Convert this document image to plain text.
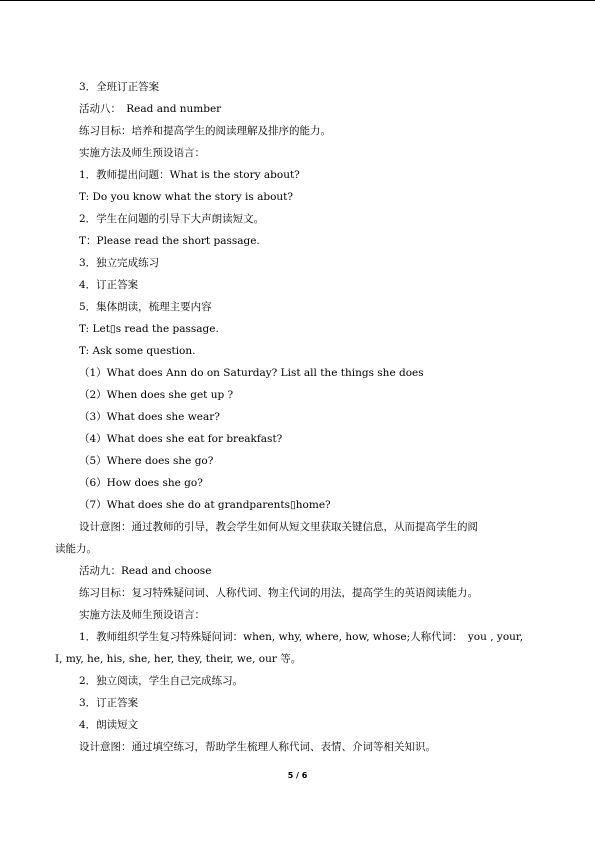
3．全班订正答案
活动八：　Read and number
练习目标：培养和提高学生的阅读理解及排序的能力。
实施方法及师生预设语言：
1．教师提出问题：What is the story about?
T: Do you know what the story is about?
2．学生在问题的引导下大声朗读短文。
T：Please read the short passage.
3．独立完成练习
4．订正答案
5．集体朗读，梳理主要内容
T: Let▯s read the passage.
T: Ask some question.
（1）What does Ann do on Saturday? List all the things she does
（2）When does she get up ?
（3）What does she wear?
（4）What does she eat for breakfast?
（5）Where does she go?
（6）How does she go?
（7）What does she do at grandparents▯home?
设计意图：通过教师的引导，教会学生如何从短文里获取关键信息，从而提高学生的阅
读能力。
活动九：Read and choose
练习目标：复习特殊疑问词、人称代词、物主代词的用法，提高学生的英语阅读能力。
实施方法及师生预设语言：
1．教师组织学生复习特殊疑问词：when, why, where, how, whose;人称代词：　you , your,
I, my, he, his, she, her, they, their, we, our 等。
2．独立阅读，学生自己完成练习。
3．订正答案
4．朗读短文
设计意图：通过填空练习，帮助学生梳理人称代词、表情、介词等相关知识。
5 / 6
